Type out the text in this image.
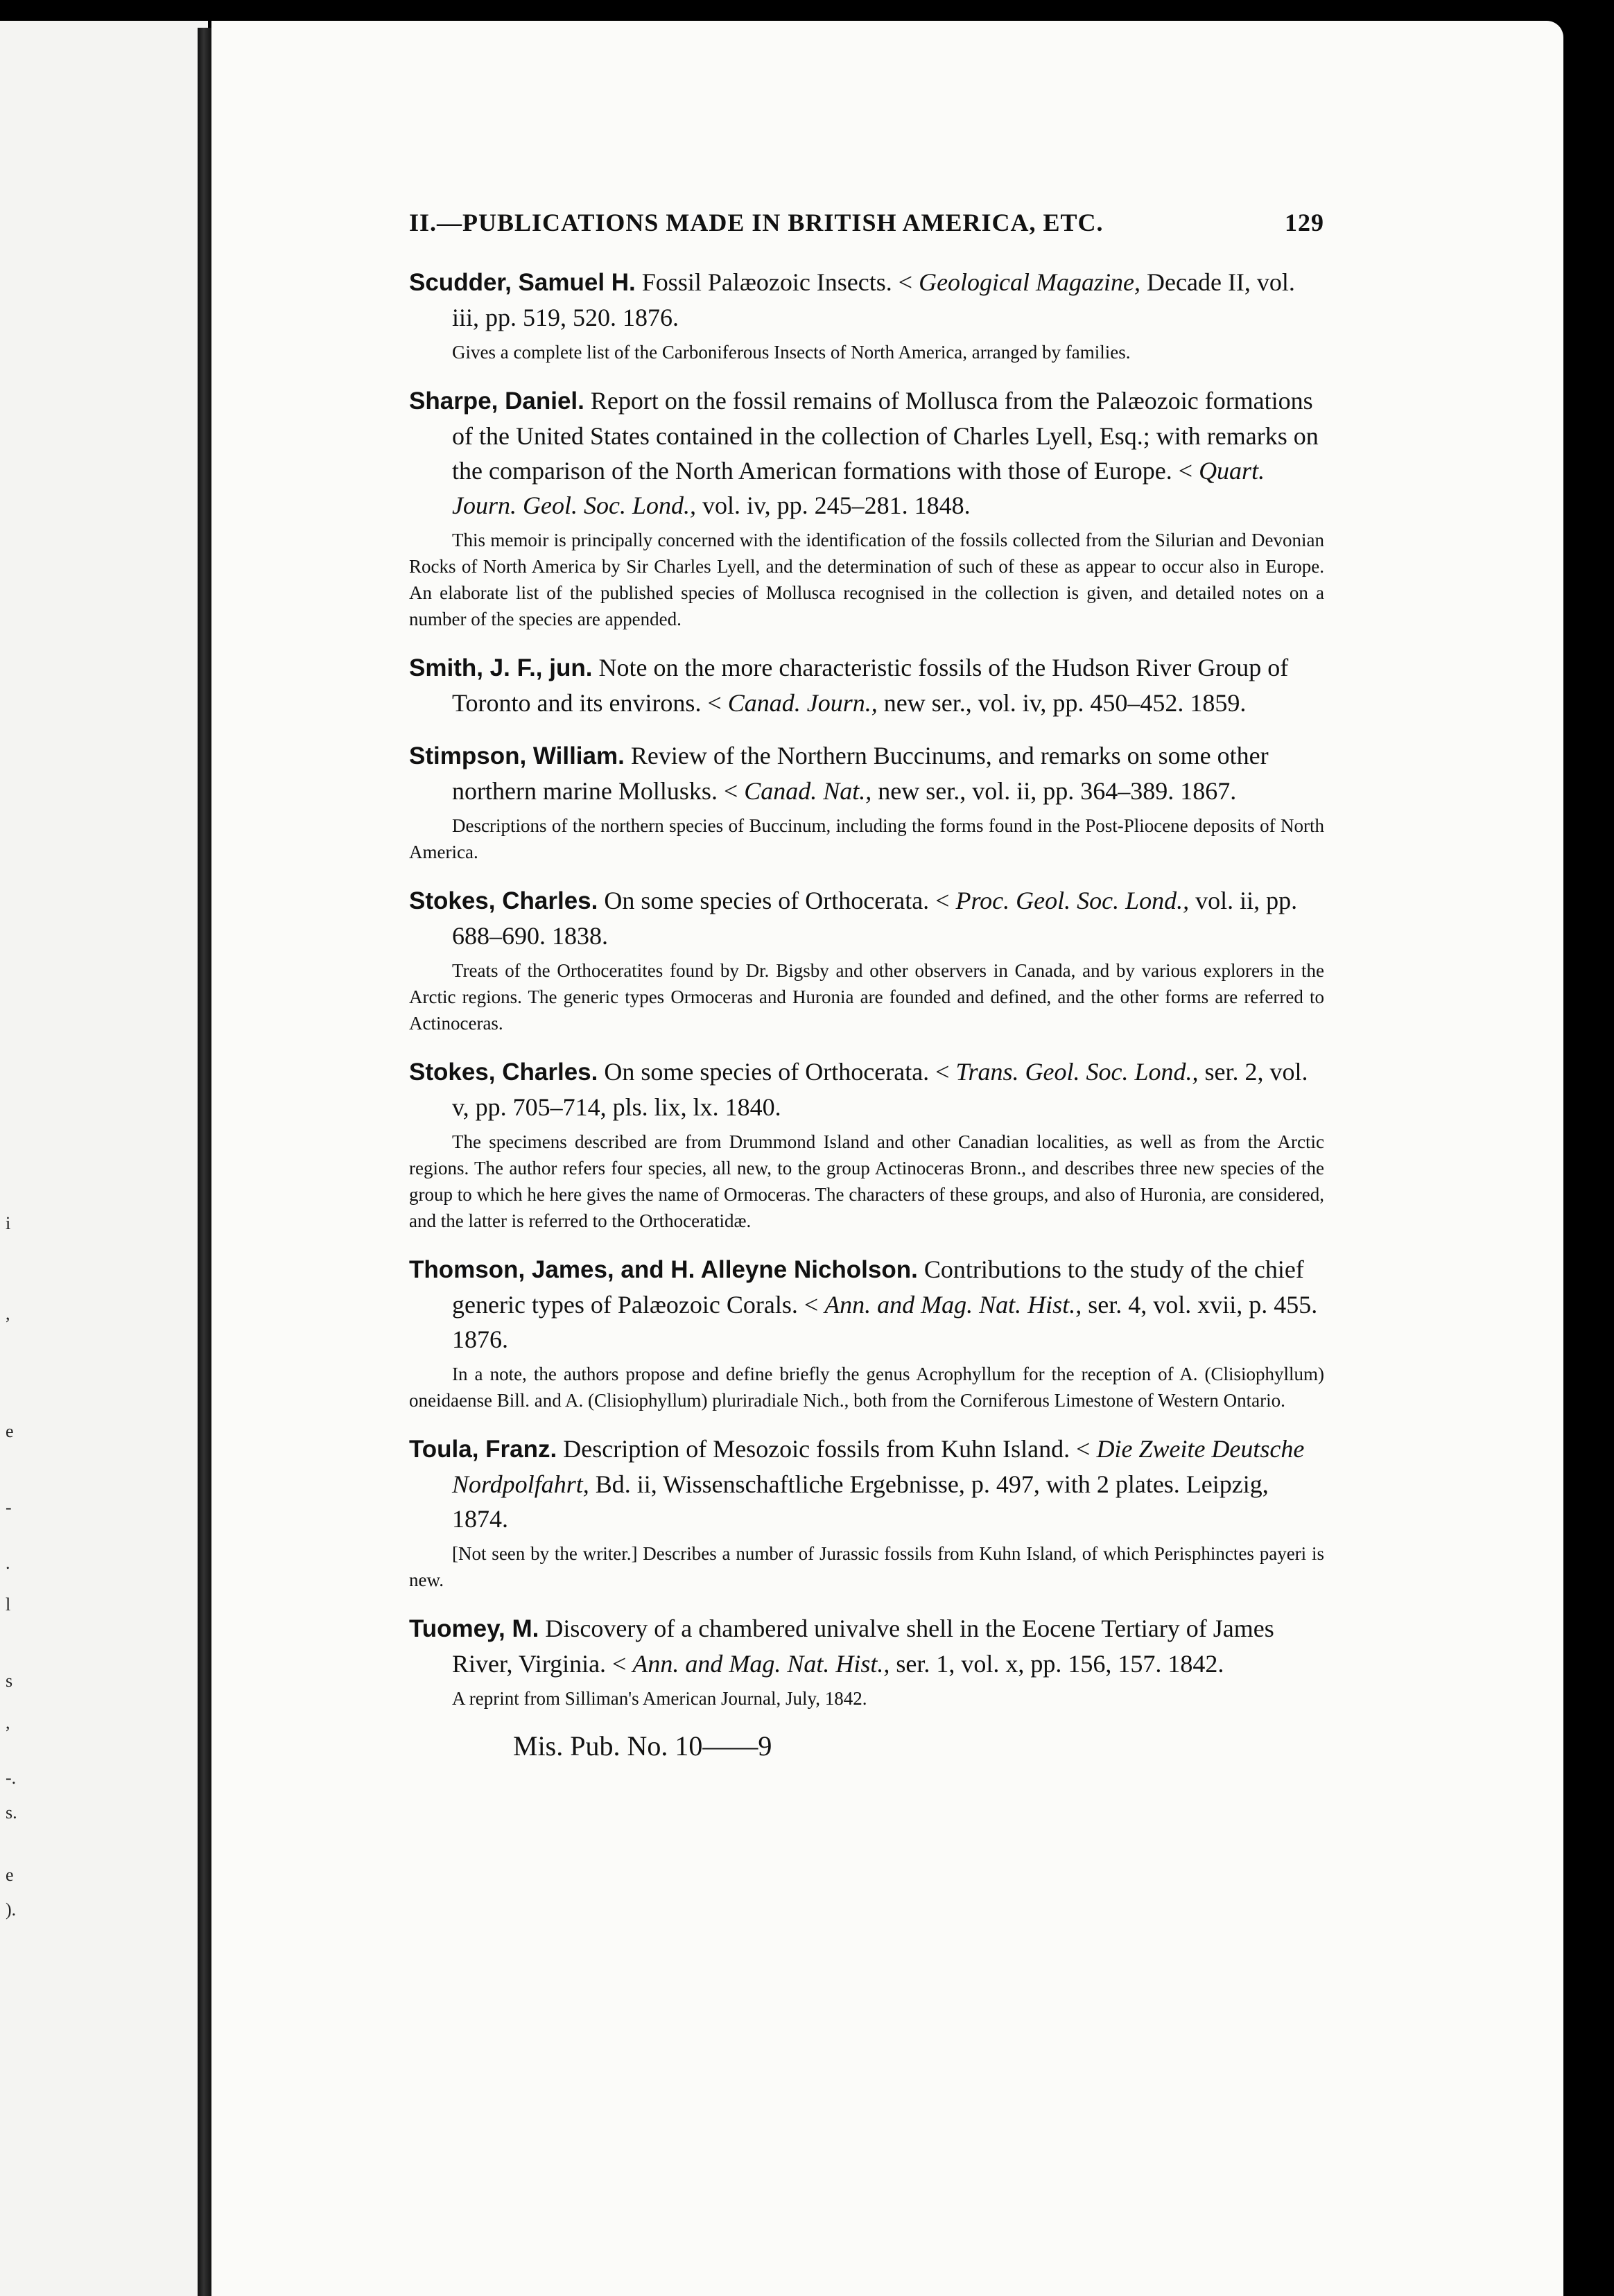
i
,
e
-
.
l
s
,
-.
s.
e
).
II.—PUBLICATIONS MADE IN BRITISH AMERICA, ETC.	129
Scudder, Samuel H. Fossil Palæozoic Insects. < Geological Magazine, Decade II, vol. iii, pp. 519, 520. 1876.
Gives a complete list of the Carboniferous Insects of North America, arranged by families.
Sharpe, Daniel. Report on the fossil remains of Mollusca from the Palæozoic formations of the United States contained in the collection of Charles Lyell, Esq.; with remarks on the comparison of the North American formations with those of Europe. < Quart. Journ. Geol. Soc. Lond., vol. iv, pp. 245–281. 1848.
This memoir is principally concerned with the identification of the fossils collected from the Silurian and Devonian Rocks of North America by Sir Charles Lyell, and the determination of such of these as appear to occur also in Europe. An elaborate list of the published species of Mollusca recognised in the collection is given, and detailed notes on a number of the species are appended.
Smith, J. F., jun. Note on the more characteristic fossils of the Hudson River Group of Toronto and its environs. < Canad. Journ., new ser., vol. iv, pp. 450–452. 1859.
Stimpson, William. Review of the Northern Buccinums, and remarks on some other northern marine Mollusks. < Canad. Nat., new ser., vol. ii, pp. 364–389. 1867.
Descriptions of the northern species of Buccinum, including the forms found in the Post-Pliocene deposits of North America.
Stokes, Charles. On some species of Orthocerata. < Proc. Geol. Soc. Lond., vol. ii, pp. 688–690. 1838.
Treats of the Orthoceratites found by Dr. Bigsby and other observers in Canada, and by various explorers in the Arctic regions. The generic types Ormoceras and Huronia are founded and defined, and the other forms are referred to Actinoceras.
Stokes, Charles. On some species of Orthocerata. < Trans. Geol. Soc. Lond., ser. 2, vol. v, pp. 705–714, pls. lix, lx. 1840.
The specimens described are from Drummond Island and other Canadian localities, as well as from the Arctic regions. The author refers four species, all new, to the group Actinoceras Bronn., and describes three new species of the group to which he here gives the name of Ormoceras. The characters of these groups, and also of Huronia, are considered, and the latter is referred to the Orthoceratidæ.
Thomson, James, and H. Alleyne Nicholson. Contributions to the study of the chief generic types of Palæozoic Corals. < Ann. and Mag. Nat. Hist., ser. 4, vol. xvii, p. 455. 1876.
In a note, the authors propose and define briefly the genus Acrophyllum for the reception of A. (Clisiophyllum) oneidaense Bill. and A. (Clisiophyllum) pluriradiale Nich., both from the Corniferous Limestone of Western Ontario.
Toula, Franz. Description of Mesozoic fossils from Kuhn Island. < Die Zweite Deutsche Nordpolfahrt, Bd. ii, Wissenschaftliche Ergebnisse, p. 497, with 2 plates. Leipzig, 1874.
[Not seen by the writer.] Describes a number of Jurassic fossils from Kuhn Island, of which Perisphinctes payeri is new.
Tuomey, M. Discovery of a chambered univalve shell in the Eocene Tertiary of James River, Virginia. < Ann. and Mag. Nat. Hist., ser. 1, vol. x, pp. 156, 157. 1842.
A reprint from Silliman's American Journal, July, 1842.
Mis. Pub. No. 10——9
